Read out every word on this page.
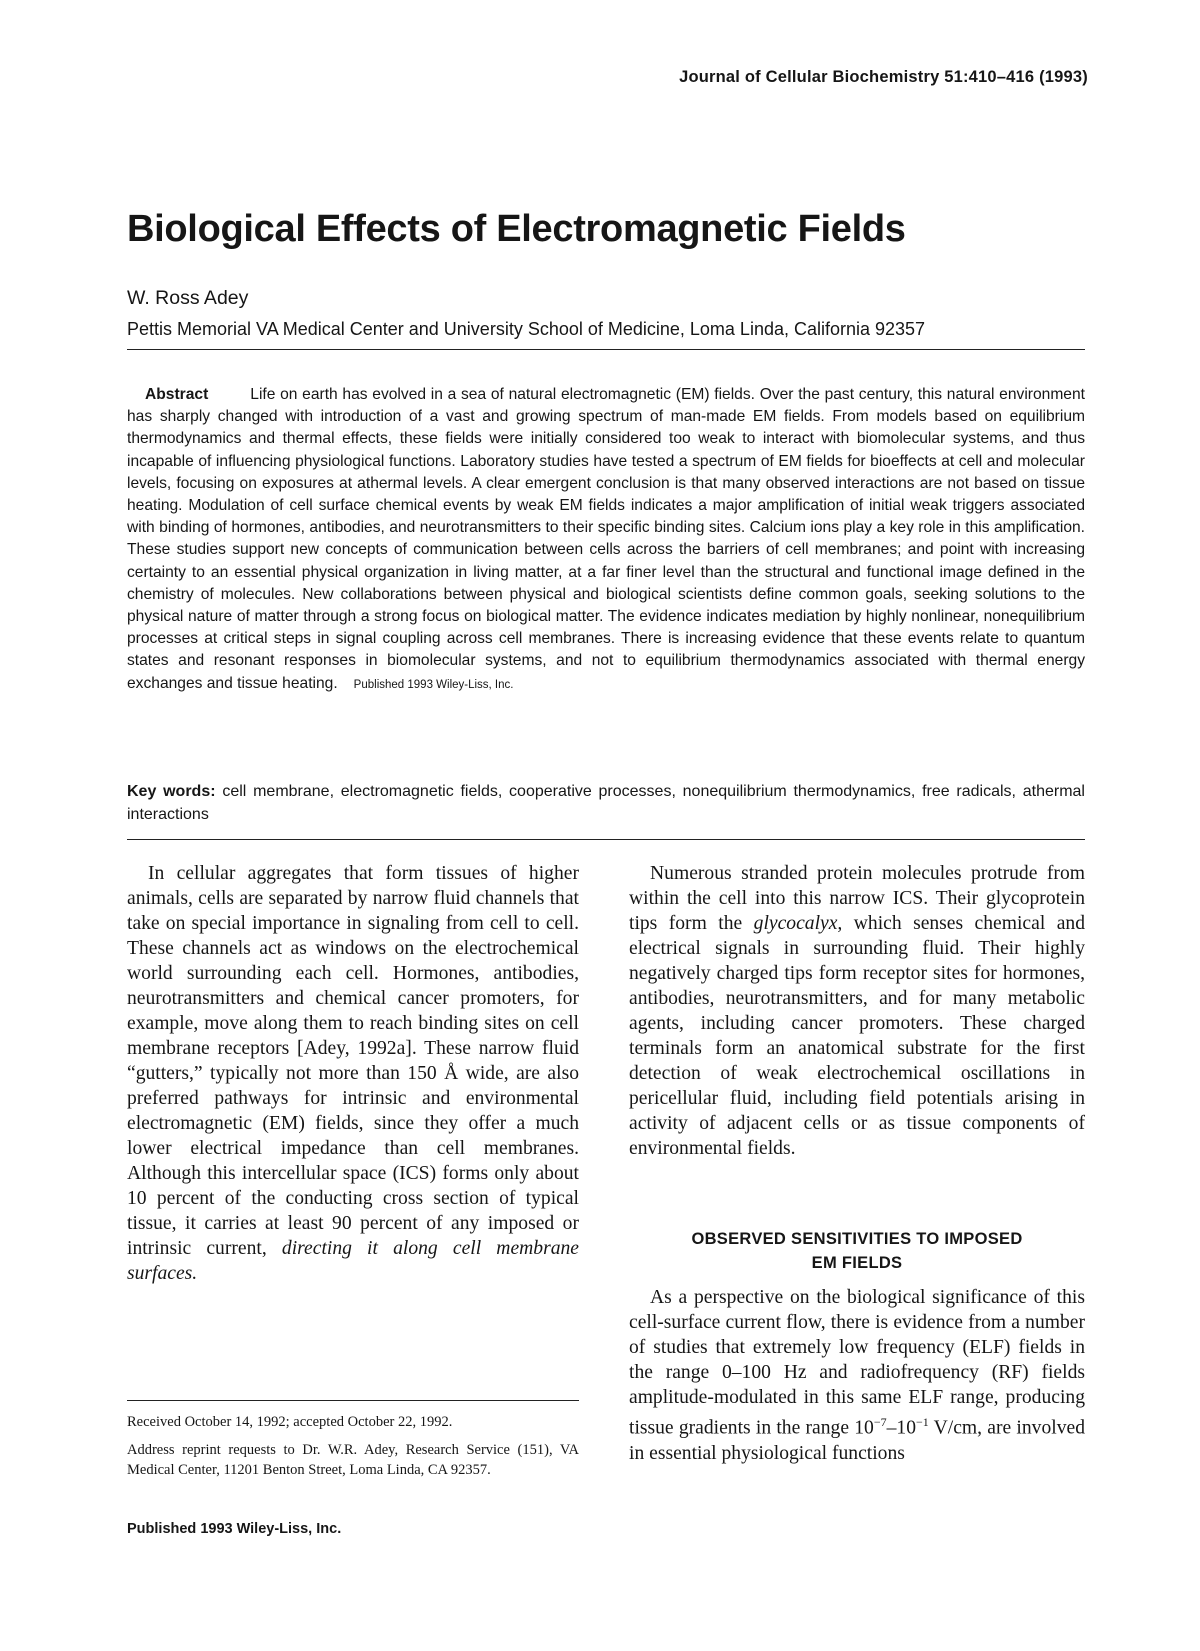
Journal of Cellular Biochemistry 51:410–416 (1993)
Biological Effects of Electromagnetic Fields
W. Ross Adey
Pettis Memorial VA Medical Center and University School of Medicine, Loma Linda, California 92357

Abstract	Life on earth has evolved in a sea of natural electromagnetic (EM) fields. Over the past century, this natural environment has sharply changed with introduction of a vast and growing spectrum of man-made EM fields. From models based on equilibrium thermodynamics and thermal effects, these fields were initially considered too weak to interact with biomolecular systems, and thus incapable of influencing physiological functions. Laboratory studies have tested a spectrum of EM fields for bioeffects at cell and molecular levels, focusing on exposures at athermal levels. A clear emergent conclusion is that many observed interactions are not based on tissue heating. Modulation of cell surface chemical events by weak EM fields indicates a major amplification of initial weak triggers associated with binding of hormones, antibodies, and neurotransmitters to their specific binding sites. Calcium ions play a key role in this amplification. These studies support new concepts of communication between cells across the barriers of cell membranes; and point with increasing certainty to an essential physical organization in living matter, at a far finer level than the structural and functional image defined in the chemistry of molecules. New collaborations between physical and biological scientists define common goals, seeking solutions to the physical nature of matter through a strong focus on biological matter. The evidence indicates mediation by highly nonlinear, nonequilibrium processes at critical steps in signal coupling across cell membranes. There is increasing evidence that these events relate to quantum states and resonant responses in biomolecular systems, and not to equilibrium thermodynamics associated with thermal energy exchanges and tissue heating. Published 1993 Wiley-Liss, Inc.

Key words: cell membrane, electromagnetic fields, cooperative processes, nonequilibrium thermodynamics, free radicals, athermal interactions

In cellular aggregates that form tissues of higher animals, cells are separated by narrow fluid channels that take on special importance in signaling from cell to cell. These channels act as windows on the electrochemical world surrounding each cell. Hormones, antibodies, neurotransmitters and chemical cancer promoters, for example, move along them to reach binding sites on cell membrane receptors [Adey, 1992a]. These narrow fluid “gutters,” typically not more than 150 Å wide, are also preferred pathways for intrinsic and environmental electromagnetic (EM) fields, since they offer a much lower electrical impedance than cell membranes. Although this intercellular space (ICS) forms only about 10 percent of the conducting cross section of typical tissue, it carries at least 90 percent of any imposed or intrinsic current, directing it along cell membrane surfaces.

Numerous stranded protein molecules protrude from within the cell into this narrow ICS. Their glycoprotein tips form the glycocalyx, which senses chemical and electrical signals in surrounding fluid. Their highly negatively charged tips form receptor sites for hormones, antibodies, neurotransmitters, and for many metabolic agents, including cancer promoters. These charged terminals form an anatomical substrate for the first detection of weak electrochemical oscillations in pericellular fluid, including field potentials arising in activity of adjacent cells or as tissue components of environmental fields.

OBSERVED SENSITIVITIES TO IMPOSED
EM FIELDS

As a perspective on the biological significance of this cell-surface current flow, there is evidence from a number of studies that extremely low frequency (ELF) fields in the range 0–100 Hz and radiofrequency (RF) fields amplitude-modulated in this same ELF range, producing tissue gradients in the range $10^{-7}-10^{-1}$ V/cm, are involved in essential physiological functions

Received October 14, 1992; accepted October 22, 1992.

Address reprint requests to Dr. W.R. Adey, Research Service (151), VA Medical Center, 11201 Benton Street, Loma Linda, CA 92357.

Published 1993 Wiley-Liss, Inc.
